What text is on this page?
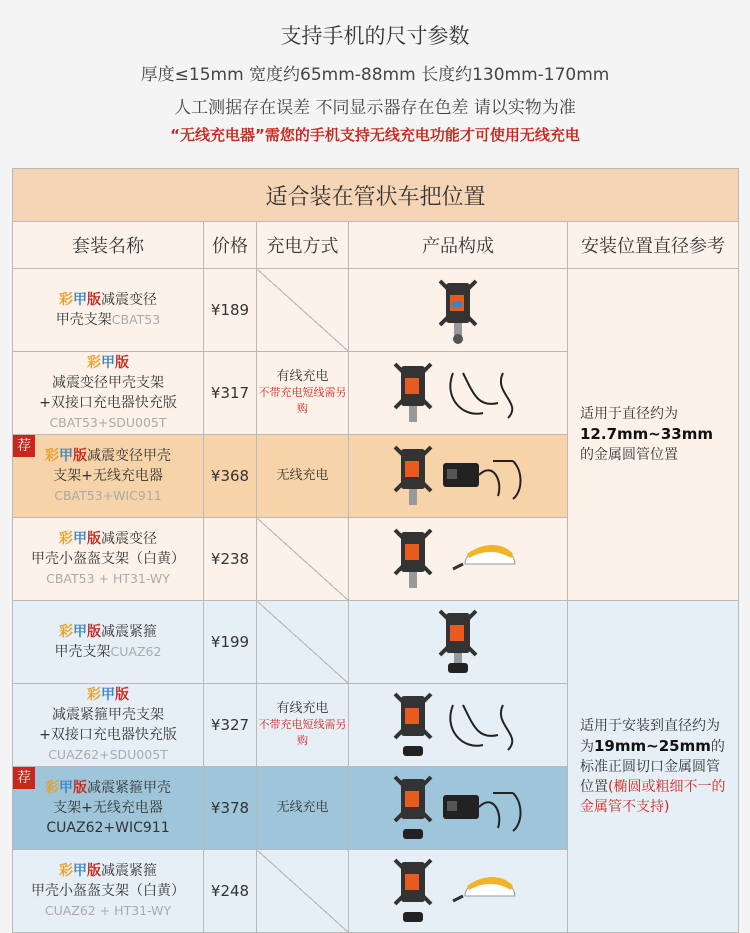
支持手机的尺寸参数
厚度≤15mm 宽度约65mm-88mm 长度约130mm-170mm
人工测据存在误差 不同显示器存在色差 请以实物为准
“无线充电器”需您的手机支持无线充电功能才可使用无线充电
适合装在管状车把位置				
套装名称	价格	充电方式	产品构成	安装位置直径参考
彩甲版减震变径
甲壳支架CBAT53	¥189			适用于直径约为
12.7mm~33mm
的金属圆管位置
彩甲版
减震变径甲壳支架
+双接口充电器快充版
CBAT53+SDU005T	¥317	有线充电
不带充电短线需另购	

荐
彩甲版减震变径甲壳
支架+无线充电器
CBAT53+WIC911	¥368	无线充电	

彩甲版减震变径
甲壳小盔盔支架（白黄）
CBAT53 + HT31-WY	¥238		
彩甲版减震紧箍
甲壳支架CUAZ62	¥199			适用于安装到直径约为
为19mm~25mm的标准正圆切口金属圆管位置(椭圆或粗细不一的金属管不支持)
彩甲版
减震紧箍甲壳支架
+双接口充电器快充版
CUAZ62+SDU005T	¥327	有线充电
不带充电短线需另购	

荐
彩甲版减震紧箍甲壳
支架+无线充电器
CUAZ62+WIC911	¥378	无线充电	

彩甲版减震紧箍
甲壳小盔盔支架（白黄）
CUAZ62 + HT31-WY	¥248		
